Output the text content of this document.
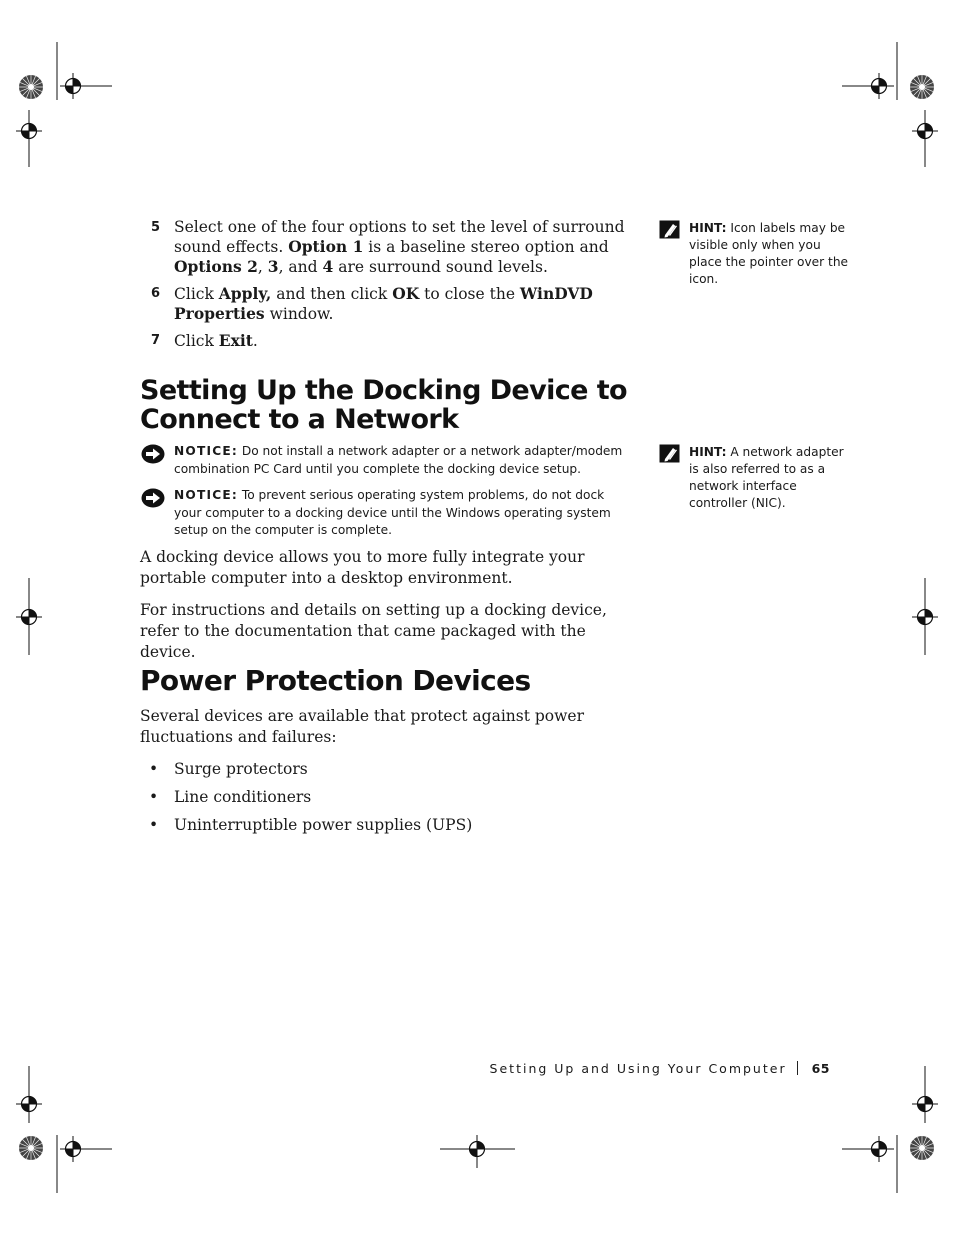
5 Select one of the four options to set the level of surround sound effects. Option 1 is a baseline stereo option and Options 2, 3, and 4 are surround sound levels.
6 Click Apply, and then click OK to close the WinDVD Properties window.
7 Click Exit.
Setting Up the Docking Device to
Connect to a Network
NOTICE: Do not install a network adapter or a network adapter/modem combination PC Card until you complete the docking device setup.
NOTICE: To prevent serious operating system problems, do not dock your computer to a docking device until the Windows operating system setup on the computer is complete.

A docking device allows you to more fully integrate your portable computer into a desktop environment.

For instructions and details on setting up a docking device, refer to the documentation that came packaged with the device.

Power Protection Devices

Several devices are available that protect against power fluctuations and failures:

• Surge protectors
• Line conditioners
• Uninterruptible power supplies (UPS)
HINT: Icon labels may be visible only when you place the pointer over the icon.
HINT: A network adapter is also referred to as a network interface controller (NIC).
Setting Up and Using Your Computer 65
